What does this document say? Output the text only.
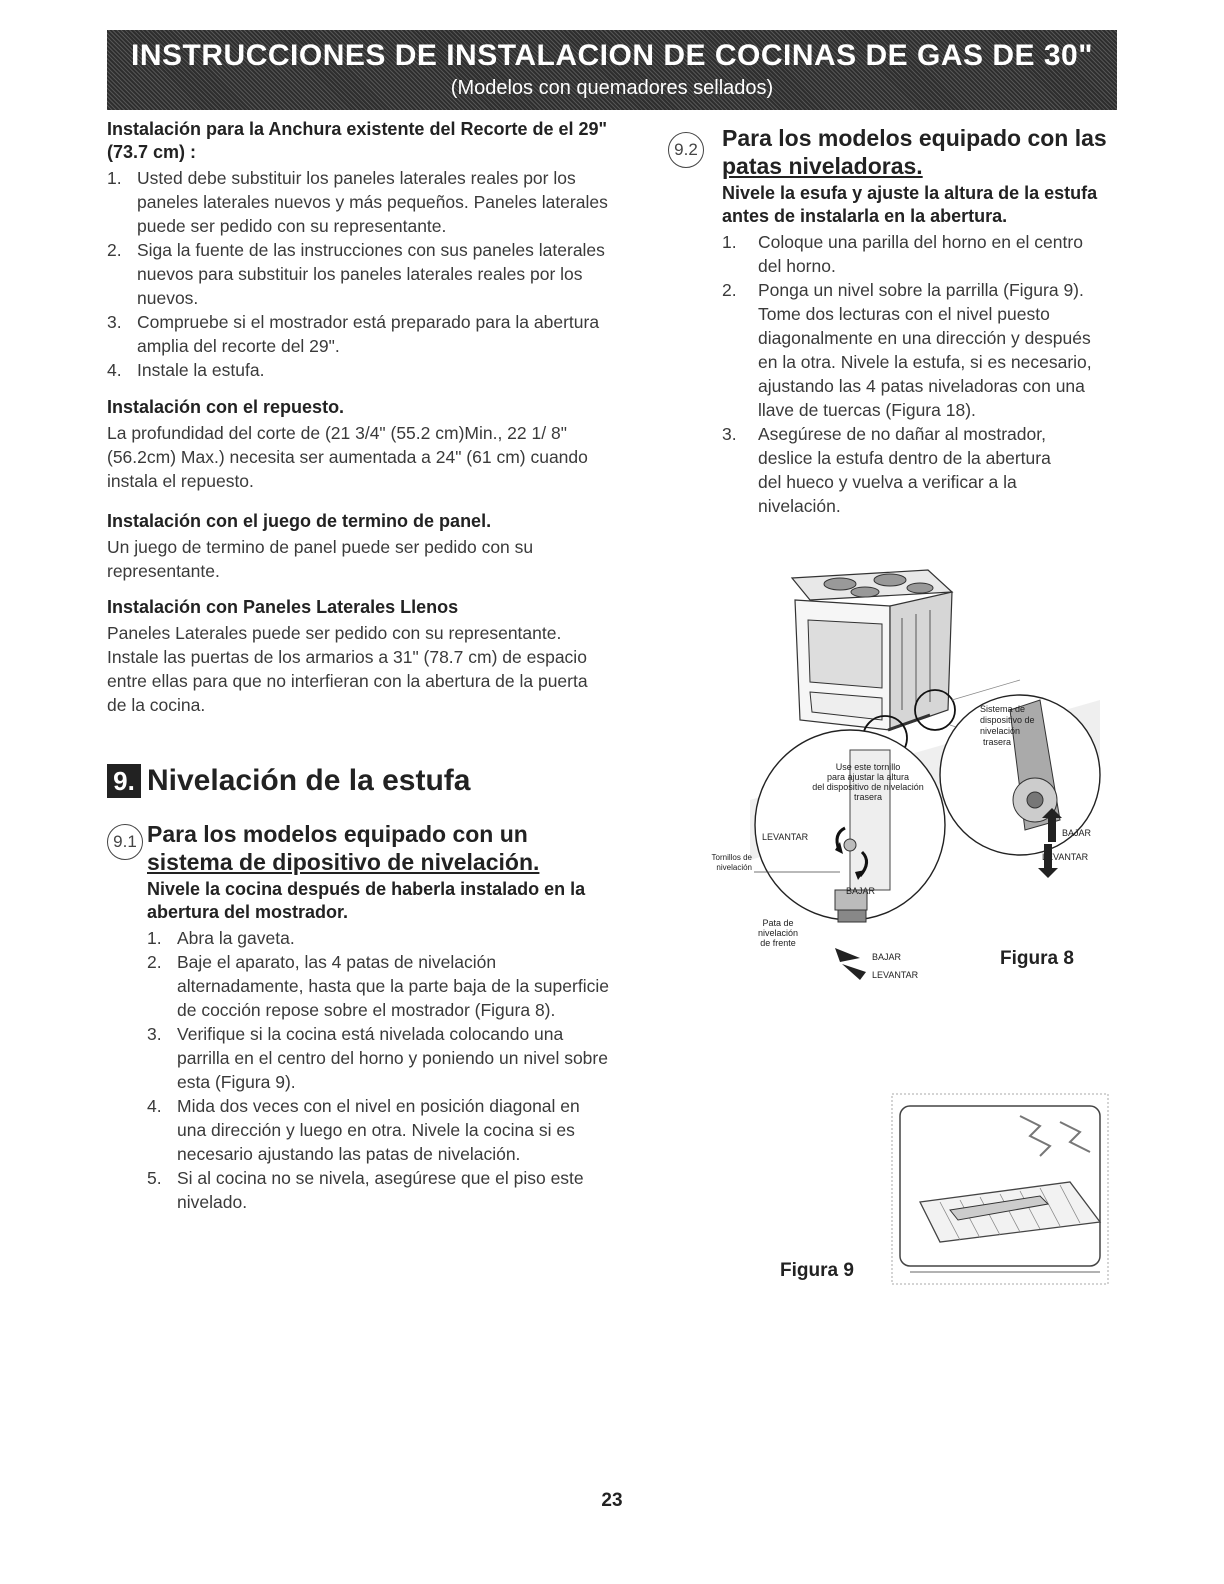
INSTRUCCIONES DE INSTALACION DE COCINAS DE GAS DE 30"
(Modelos con quemadores sellados)
Instalación para la Anchura existente del Recorte de el 29"(73.7 cm) :
1. Usted debe substituir los paneles laterales reales por los paneles laterales nuevos y más pequeños. Paneles laterales puede ser pedido con su representante.
2. Siga la fuente de las instrucciones con sus paneles laterales nuevos para substituir los paneles laterales reales por los nuevos.
3. Compruebe si el mostrador está preparado para la abertura amplia del recorte del 29".
4. Instale la estufa.
Instalación con el repuesto.
La profundidad del corte de (21 3/4" (55.2 cm)Min., 22 1/ 8" (56.2cm) Max.) necesita ser aumentada a 24" (61 cm) cuando instala el repuesto.
Instalación con el juego de termino de panel.
Un juego de termino de panel puede ser pedido con su representante.
Instalación con Paneles Laterales Llenos
Paneles Laterales puede ser pedido con su representante. Instale las puertas de los armarios a 31" (78.7 cm) de espacio entre ellas para que no interfieran con la abertura de la puerta de la cocina.
9. Nivelación de la estufa
9.1 Para los modelos equipado con un
sistema de dipositivo de nivelación.
Nivele la cocina después de haberla instalado en la abertura del mostrador.
1. Abra la gaveta.
2. Baje el aparato, las 4 patas de nivelación alternadamente, hasta que la parte baja de la superficie de cocción repose sobre el mostrador (Figura 8).
3. Verifique si la cocina está nivelada colocando una parrilla en el centro del horno y poniendo un nivel sobre esta (Figura 9).
4. Mida dos veces con el nivel en posición diagonal en una dirección y luego en otra. Nivele la cocina si es necesario ajustando las patas de nivelación.
5. Si al cocina no se nivela, asegúrese que el piso este nivelado.
9.2 Para los modelos equipado con las
patas niveladoras.
Nivele la esufa y ajuste la altura de la estufa antes de instalarla en la abertura.
1. Coloque una parilla del horno en el centro del horno.
2. Ponga un nivel sobre la parrilla (Figura 9). Tome dos lecturas con el nivel puesto diagonalmente en una dirección y después en la otra. Nivele la estufa, si es necesario, ajustando las 4 patas niveladoras con una llave de tuercas (Figura 18).
3. Asegúrese de no dañar al mostrador, deslice la estufa dentro de la abertura del hueco y vuelva a verificar a la nivelación.
Sistema de
dispositivo de
nivelación
trasera
Use este tornillo
para ajustar la altura
del dispositivo de nivelación
trasera
LEVANTAR
BAJAR
BAJAR
LEVANTAR
Tornillos de
nivelación
Pata de
nivelación
de frente
BAJAR
LEVANTAR
Figura 8
Figura 9
23
